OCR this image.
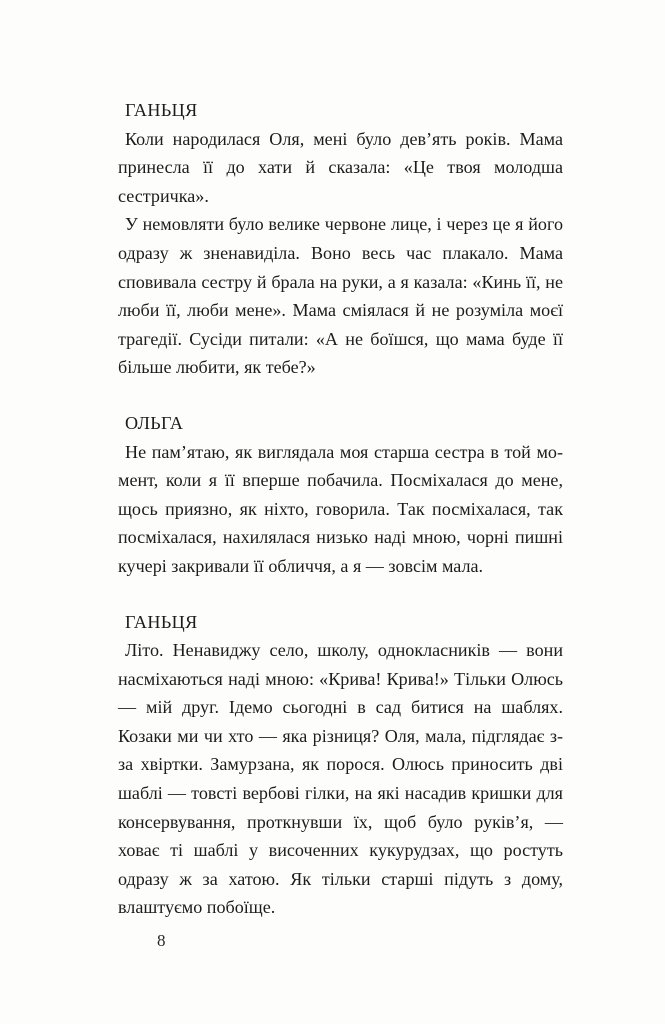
ГАНЬЦЯ

Коли народилася Оля, мені було дев’ять років. Мама принесла її до хати й сказала: «Це твоя молодша сестричка».

У немовляти було велике червоне лице, і через це я його одразу ж зненавиділа. Воно весь час плакало. Мама сповивала сестру й брала на руки, а я казала: «Кинь її, не люби її, люби мене». Мама сміялася й не розуміла моєї трагедії. Сусіди питали: «А не боїшся, що мама буде її більше любити, як тебе?»

ОЛЬГА

Не пам’ятаю, як виглядала моя старша сестра в той момент, коли я її вперше побачила. Посміхалася до мене, щось приязно, як ніхто, говорила. Так посміхалася, так посміхалася, нахилялася низько наді мною, чорні пишні кучері закривали її обличчя, а я — зовсім мала.

ГАНЬЦЯ

Літо. Ненавиджу село, школу, однокласників — вони насміхаються наді мною: «Крива! Крива!» Тільки Олюсь — мій друг. Ідемо сьогодні в сад битися на шаблях. Козаки ми чи хто — яка різниця? Оля, мала, підглядає з-за хвіртки. Замурзана, як порося. Олюсь приносить дві шаблі — товсті вербові гілки, на які насадив кришки для консервування, проткнувши їх, щоб було руків’я, — ховає ті шаблі у височенних кукурудзах, що ростуть одразу ж за хатою. Як тільки старші підуть з дому, влаштуємо побоїще.

8
